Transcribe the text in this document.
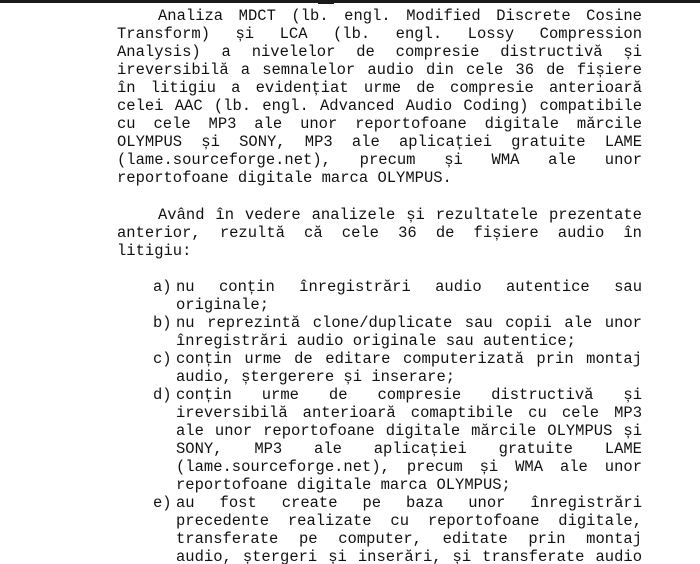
Analiza MDCT (lb. engl. Modified Discrete Cosine
Transform) și LCA (lb. engl. Lossy Compression
Analysis) a nivelelor de compresie distructivă și
ireversibilă a semnalelor audio din cele 36 de fișiere
în litigiu a evidențiat urme de compresie anterioară
celei AAC (lb. engl. Advanced Audio Coding) compatibile
cu cele MP3 ale unor reportofoane digitale mărcile
OLYMPUS și SONY, MP3 ale aplicației gratuite LAME
(lame.sourceforge.net), precum și WMA ale unor
reportofoane digitale marca OLYMPUS.
Având în vedere analizele și rezultatele prezentate
anterior, rezultă că cele 36 de fișiere audio în
litigiu:
a) nu conțin înregistrări audio autentice sau
originale;
b) nu reprezintă clone/duplicate sau copii ale unor
înregistrări audio originale sau autentice;
c) conțin urme de editare computerizată prin montaj
audio, ștergerere și inserare;
d) conțin urme de compresie distructivă și
ireversibilă anterioară comaptibile cu cele MP3
ale unor reportofoane digitale mărcile OLYMPUS și
SONY, MP3 ale aplicației gratuite LAME
(lame.sourceforge.net), precum și WMA ale unor
reportofoane digitale marca OLYMPUS;
e) au fost create pe baza unor înregistrări
precedente realizate cu reportofoane digitale,
transferate pe computer, editate prin montaj
audio, ștergeri și inserări, și transferate audio
